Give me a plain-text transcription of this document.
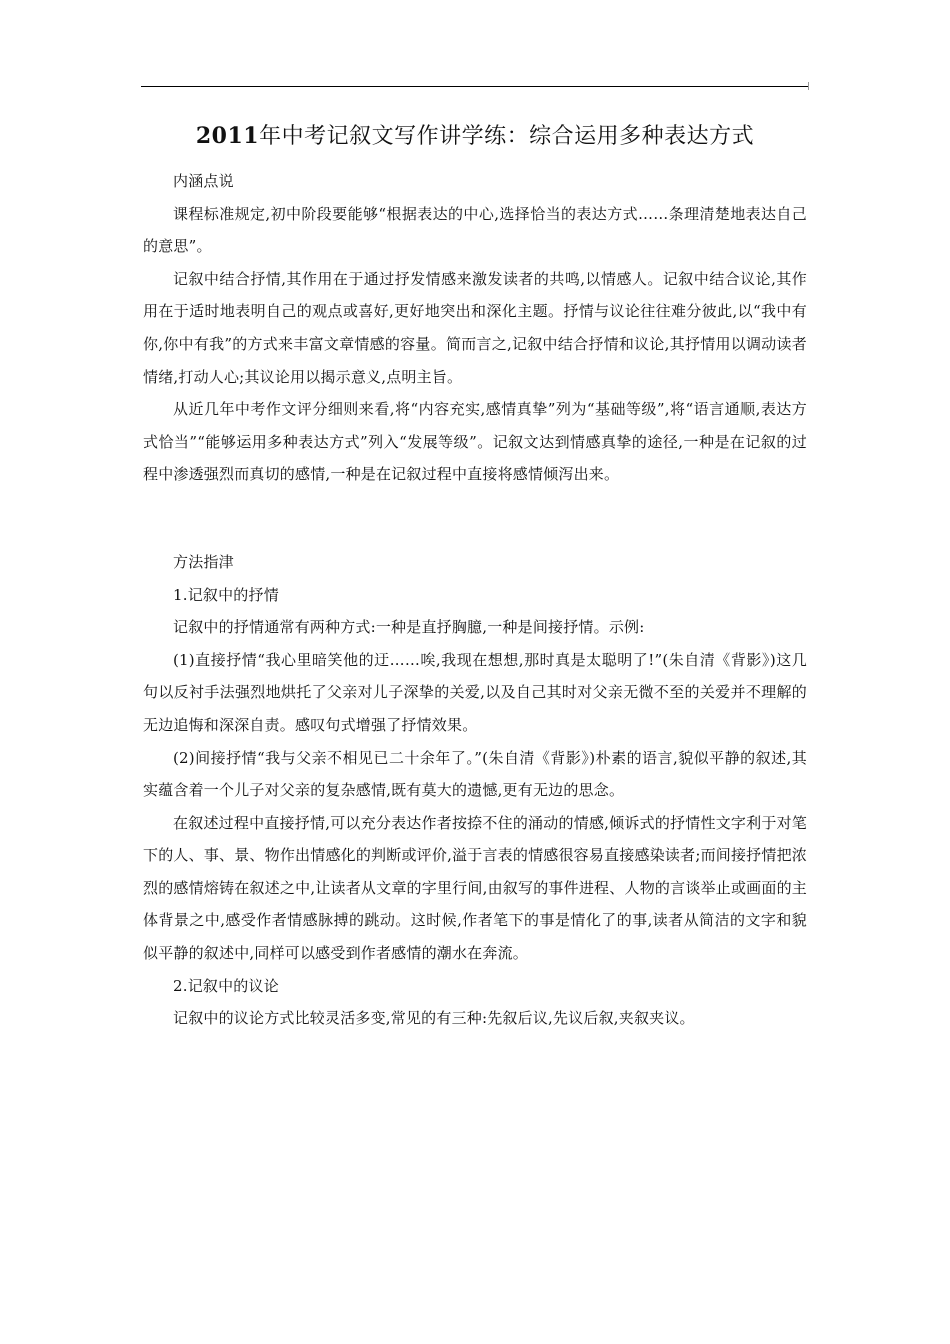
2011年中考记叙文写作讲学练：综合运用多种表达方式

内涵点说

课程标准规定,初中阶段要能够“根据表达的中心,选择恰当的表达方式……条理清楚地表达自己的意思”。

记叙中结合抒情,其作用在于通过抒发情感来激发读者的共鸣,以情感人。记叙中结合议论,其作用在于适时地表明自己的观点或喜好,更好地突出和深化主题。抒情与议论往往难分彼此,以“我中有你,你中有我”的方式来丰富文章情感的容量。简而言之,记叙中结合抒情和议论,其抒情用以调动读者情绪,打动人心;其议论用以揭示意义,点明主旨。

从近几年中考作文评分细则来看,将“内容充实,感情真挚”列为“基础等级”,将“语言通顺,表达方式恰当”“能够运用多种表达方式”列入“发展等级”。记叙文达到情感真挚的途径,一种是在记叙的过程中渗透强烈而真切的感情,一种是在记叙过程中直接将感情倾泻出来。

方法指津

1.记叙中的抒情

记叙中的抒情通常有两种方式:一种是直抒胸臆,一种是间接抒情。示例:

(1)直接抒情“我心里暗笑他的迂……唉,我现在想想,那时真是太聪明了!”(朱自清《背影》)这几句以反衬手法强烈地烘托了父亲对儿子深挚的关爱,以及自己其时对父亲无微不至的关爱并不理解的无边追悔和深深自责。感叹句式增强了抒情效果。

(2)间接抒情“我与父亲不相见已二十余年了。”(朱自清《背影》)朴素的语言,貌似平静的叙述,其实蕴含着一个儿子对父亲的复杂感情,既有莫大的遗憾,更有无边的思念。

在叙述过程中直接抒情,可以充分表达作者按捺不住的涌动的情感,倾诉式的抒情性文字利于对笔下的人、事、景、物作出情感化的判断或评价,溢于言表的情感很容易直接感染读者;而间接抒情把浓烈的感情熔铸在叙述之中,让读者从文章的字里行间,由叙写的事件进程、人物的言谈举止或画面的主体背景之中,感受作者情感脉搏的跳动。这时候,作者笔下的事是情化了的事,读者从简洁的文字和貌似平静的叙述中,同样可以感受到作者感情的潮水在奔流。

2.记叙中的议论

记叙中的议论方式比较灵活多变,常见的有三种:先叙后议,先议后叙,夹叙夹议。
